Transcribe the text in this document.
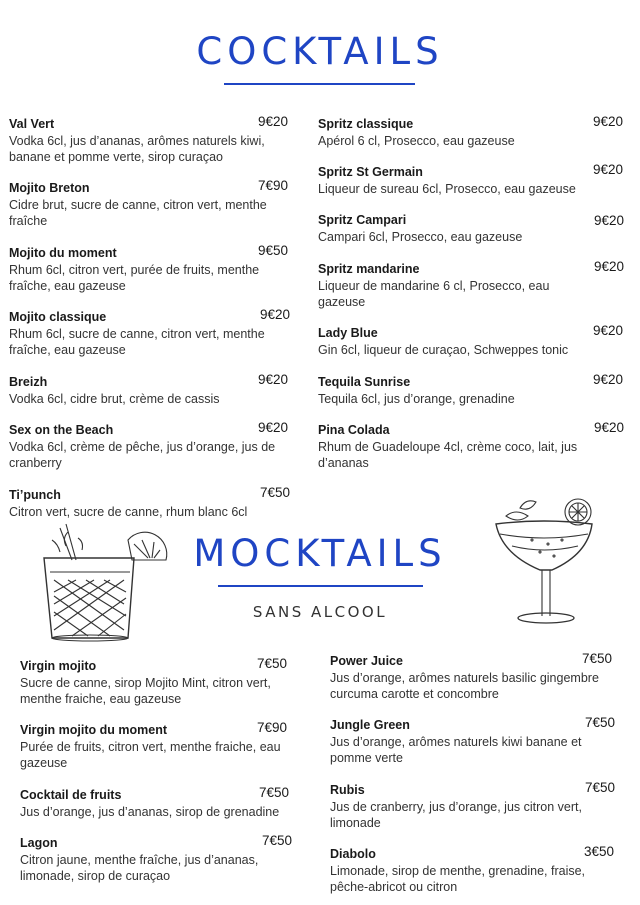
COCKTAILS
Val Vert	9€20
Vodka 6cl, jus d’ananas, arômes naturels kiwi, banane et pomme verte, sirop curaçao
Mojito Breton	7€90
Cidre brut, sucre de canne, citron vert, menthe fraîche
Mojito du moment	9€50
Rhum 6cl, citron vert, purée de fruits, menthe fraîche, eau gazeuse
Mojito classique	9€20
Rhum 6cl, sucre de canne, citron vert, menthe fraîche, eau gazeuse
Breizh	9€20
Vodka 6cl, cidre brut, crème de cassis
Sex on the Beach	9€20
Vodka 6cl, crème de pêche, jus d’orange, jus de cranberry
Ti’punch	7€50
Citron vert, sucre de canne, rhum blanc 6cl
Spritz classique	9€20
Apérol 6 cl, Prosecco, eau gazeuse
Spritz St Germain	9€20
Liqueur de sureau 6cl, Prosecco, eau gazeuse
Spritz Campari	9€20
Campari 6cl, Prosecco, eau gazeuse
Spritz mandarine	9€20
Liqueur de mandarine 6 cl, Prosecco, eau gazeuse
Lady Blue	9€20
Gin 6cl, liqueur de curaçao, Schweppes tonic
Tequila Sunrise	9€20
Tequila 6cl, jus d’orange, grenadine
Pina Colada	9€20
Rhum de Guadeloupe 4cl, crème coco, lait, jus d’ananas
MOCKTAILS
SANS ALCOOL
Virgin mojito	7€50
Sucre de canne, sirop Mojito Mint, citron vert, menthe fraiche, eau gazeuse
Virgin mojito du moment	7€90
Purée de fruits, citron vert, menthe fraiche, eau gazeuse
Cocktail de fruits	7€50
Jus d’orange, jus d’ananas, sirop de grenadine
Lagon	7€50
Citron jaune, menthe fraîche, jus d’ananas, limonade, sirop de curaçao
Power Juice	7€50
Jus d’orange, arômes naturels basilic gingembre curcuma carotte et concombre
Jungle Green	7€50
Jus d’orange, arômes naturels kiwi banane et pomme verte
Rubis	7€50
Jus de cranberry, jus d’orange, jus citron vert, limonade
Diabolo	3€50
Limonade, sirop de menthe, grenadine, fraise, pêche-abricot ou citron
